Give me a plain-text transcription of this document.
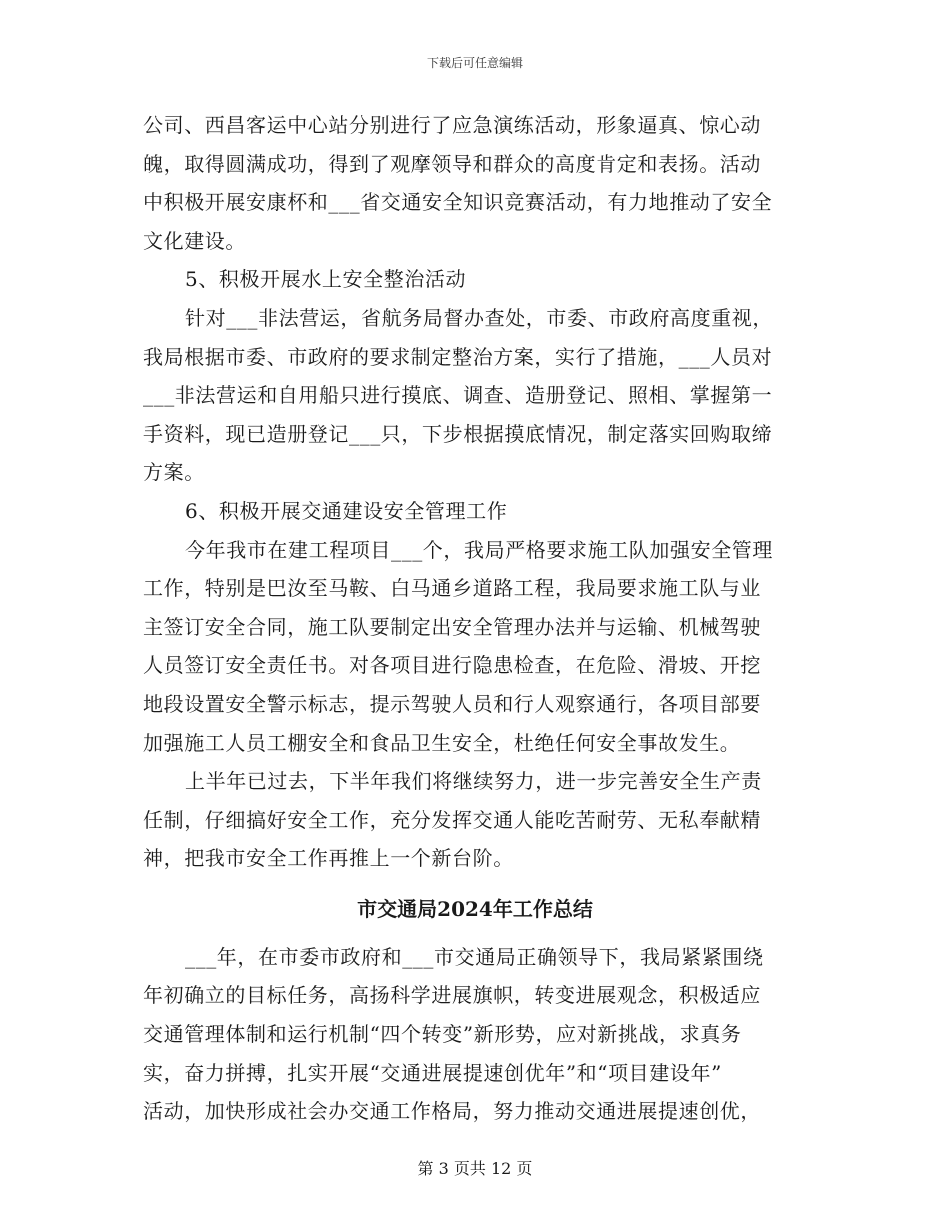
下载后可任意编辑
公司、西昌客运中心站分别进行了应急演练活动，形象逼真、惊心动
魄，取得圆满成功，得到了观摩领导和群众的高度肯定和表扬。活动
中积极开展安康杯和___省交通安全知识竞赛活动，有力地推动了安全
文化建设。
5、积极开展水上安全整治活动
针对___非法营运，省航务局督办查处，市委、市政府高度重视，
我局根据市委、市政府的要求制定整治方案，实行了措施，___人员对
___非法营运和自用船只进行摸底、调查、造册登记、照相、掌握第一
手资料，现已造册登记___只，下步根据摸底情况，制定落实回购取缔
方案。
6、积极开展交通建设安全管理工作
今年我市在建工程项目___个，我局严格要求施工队加强安全管理
工作，特别是巴汝至马鞍、白马通乡道路工程，我局要求施工队与业
主签订安全合同，施工队要制定出安全管理办法并与运输、机械驾驶
人员签订安全责任书。对各项目进行隐患检查，在危险、滑坡、开挖
地段设置安全警示标志，提示驾驶人员和行人观察通行，各项目部要
加强施工人员工棚安全和食品卫生安全，杜绝任何安全事故发生。
上半年已过去，下半年我们将继续努力，进一步完善安全生产责
任制，仔细搞好安全工作，充分发挥交通人能吃苦耐劳、无私奉献精
神，把我市安全工作再推上一个新台阶。
市交通局2024年工作总结
___年，在市委市政府和___市交通局正确领导下，我局紧紧围绕
年初确立的目标任务，高扬科学进展旗帜，转变进展观念，积极适应
交通管理体制和运行机制“四个转变”新形势，应对新挑战，求真务
实，奋力拼搏，扎实开展“交通进展提速创优年”和“项目建设年”
活动，加快形成社会办交通工作格局，努力推动交通进展提速创优，
第 3 页共 12 页
